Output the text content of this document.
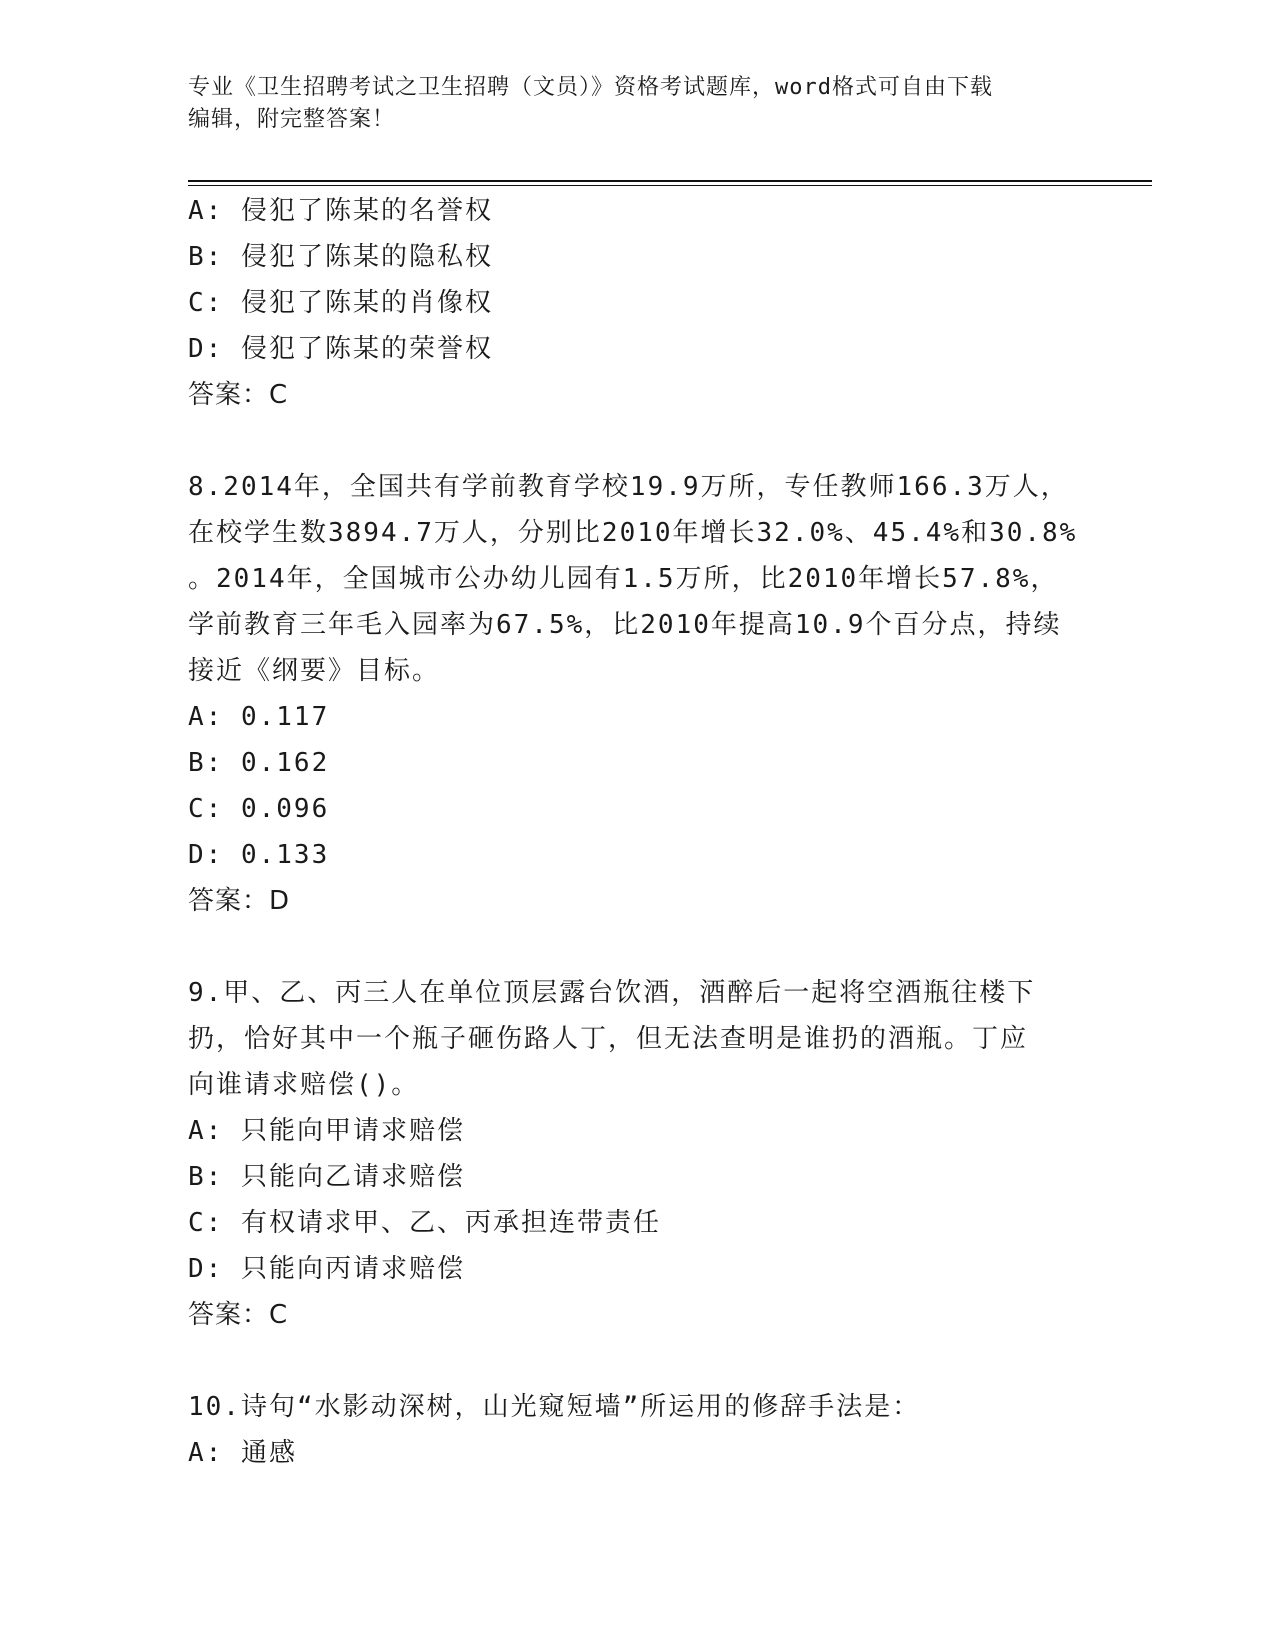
专业《卫生招聘考试之卫生招聘（文员）》资格考试题库，word格式可自由下载
编辑，附完整答案！
A: 侵犯了陈某的名誉权
B: 侵犯了陈某的隐私权
C: 侵犯了陈某的肖像权
D: 侵犯了陈某的荣誉权
答案：C
8.2014年，全国共有学前教育学校19.9万所，专任教师166.3万人，
在校学生数3894.7万人，分别比2010年增长32.0%、45.4%和30.8%
。2014年，全国城市公办幼儿园有1.5万所，比2010年增长57.8%，
学前教育三年毛入园率为67.5%，比2010年提高10.9个百分点，持续
接近《纲要》目标。
A: 0.117
B: 0.162
C: 0.096
D: 0.133
答案：D
9.甲、乙、丙三人在单位顶层露台饮酒，酒醉后一起将空酒瓶往楼下
扔，恰好其中一个瓶子砸伤路人丁，但无法查明是谁扔的酒瓶。丁应
向谁请求赔偿()。
A: 只能向甲请求赔偿
B: 只能向乙请求赔偿
C: 有权请求甲、乙、丙承担连带责任
D: 只能向丙请求赔偿
答案：C
10.诗句“水影动深树，山光窥短墙”所运用的修辞手法是：
A: 通感
